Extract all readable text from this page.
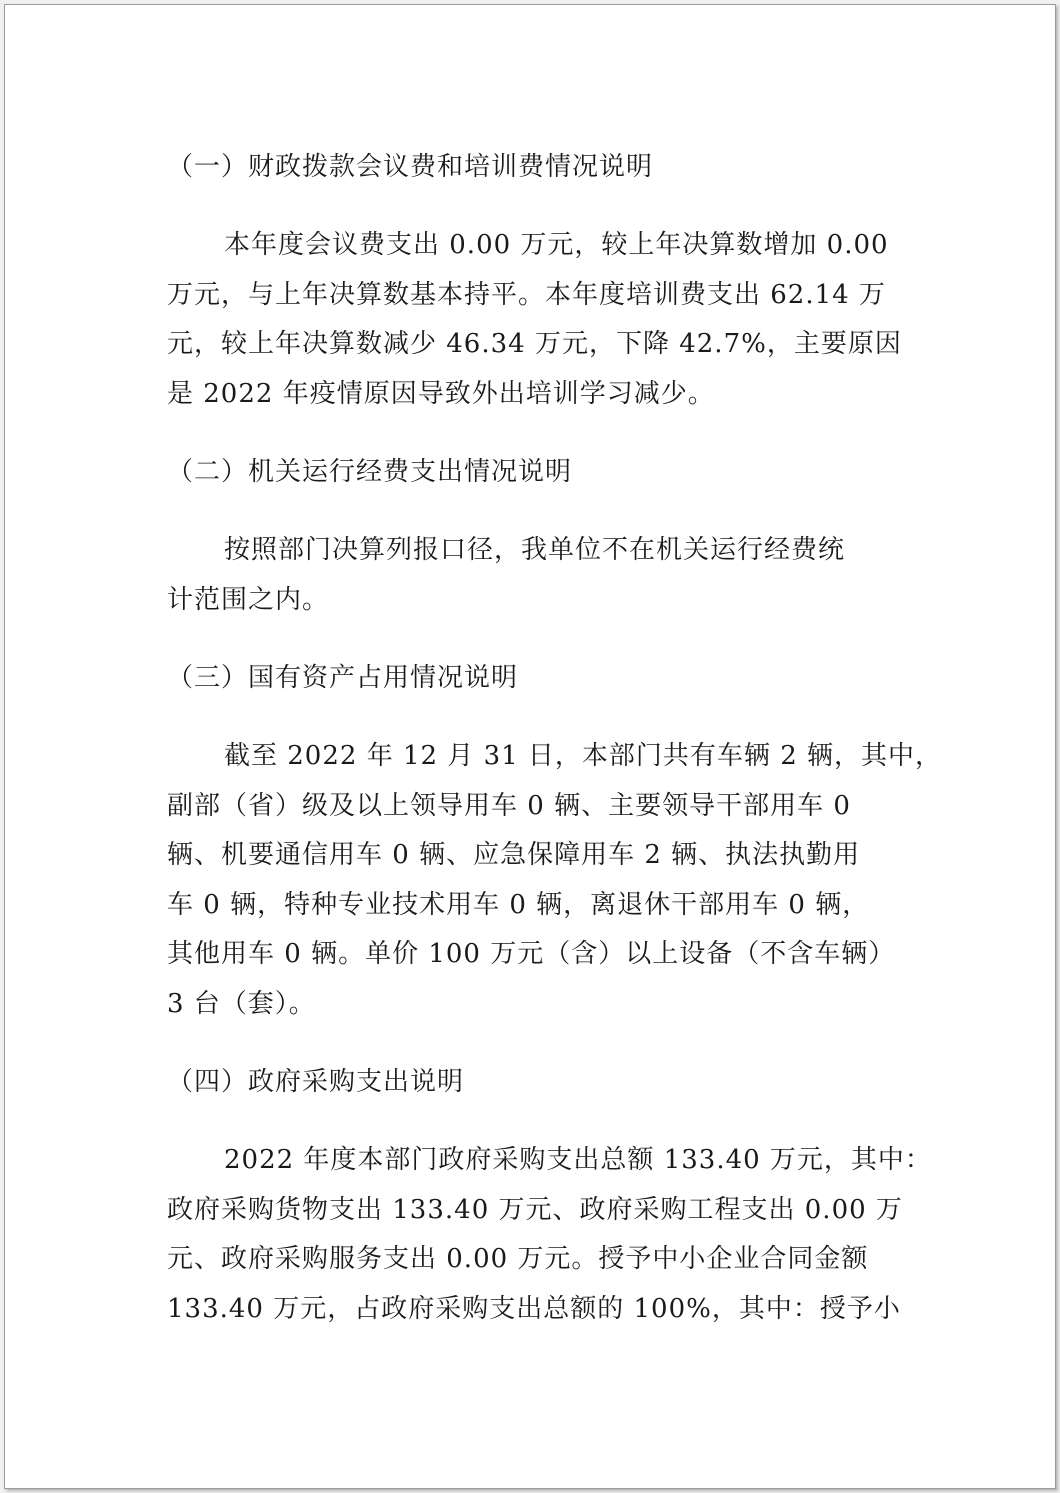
（一）财政拨款会议费和培训费情况说明
本年度会议费支出 0.00 万元，较上年决算数增加 0.00
万元，与上年决算数基本持平。本年度培训费支出 62.14 万
元，较上年决算数减少 46.34 万元，下降 42.7%，主要原因
是 2022 年疫情原因导致外出培训学习减少。
（二）机关运行经费支出情况说明
按照部门决算列报口径，我单位不在机关运行经费统
计范围之内。
（三）国有资产占用情况说明
截至 2022 年 12 月 31 日，本部门共有车辆 2 辆，其中，
副部（省）级及以上领导用车 0 辆、主要领导干部用车 0
辆、机要通信用车 0 辆、应急保障用车 2 辆、执法执勤用
车 0 辆，特种专业技术用车 0 辆，离退休干部用车 0 辆，
其他用车 0 辆。单价 100 万元（含）以上设备（不含车辆）
3 台（套）。
（四）政府采购支出说明
2022 年度本部门政府采购支出总额 133.40 万元，其中：
政府采购货物支出 133.40 万元、政府采购工程支出 0.00 万
元、政府采购服务支出 0.00 万元。授予中小企业合同金额
133.40 万元，占政府采购支出总额的 100%，其中：授予小
